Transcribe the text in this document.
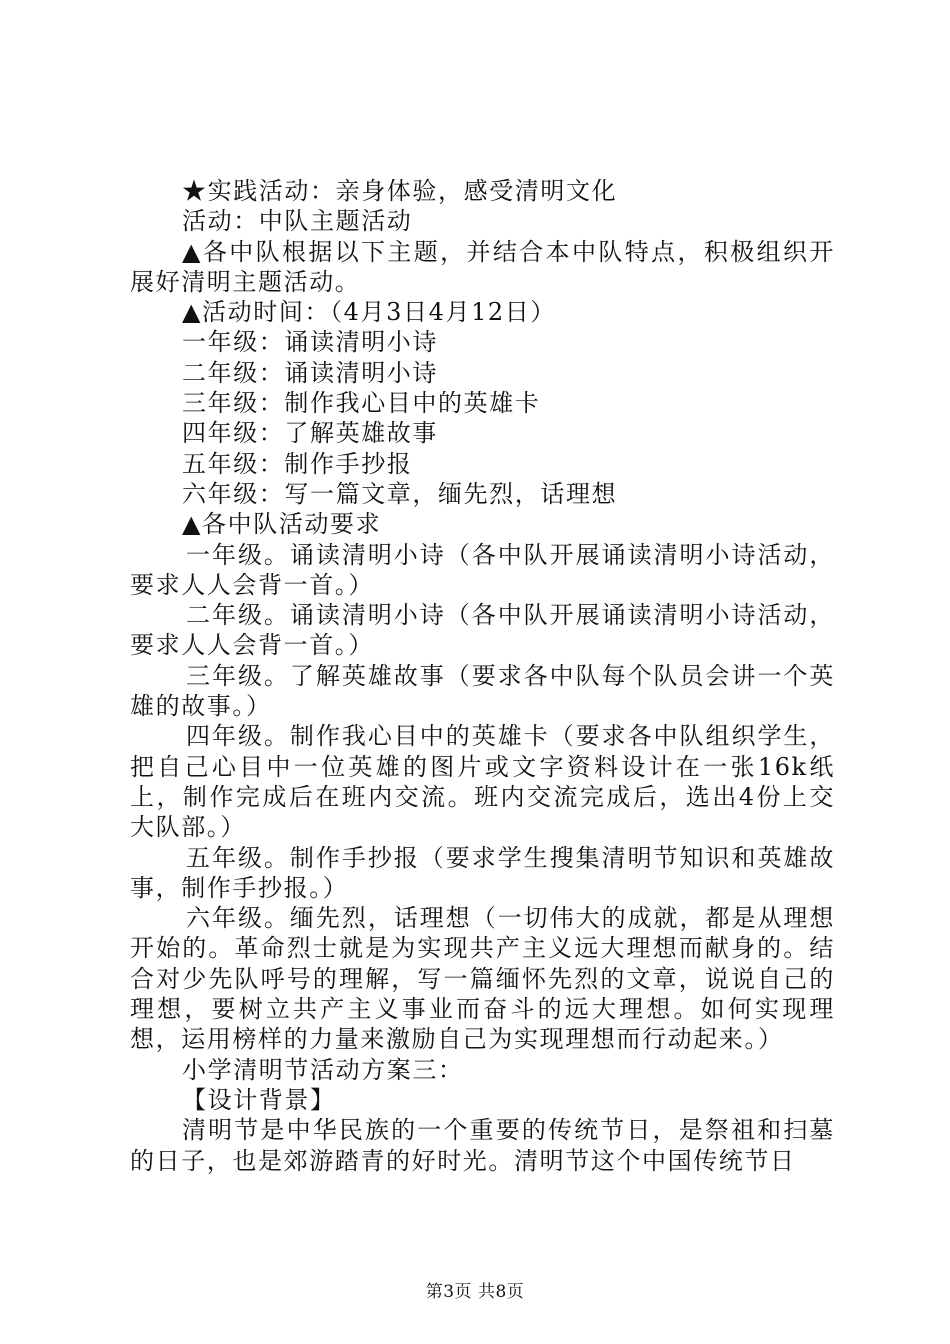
★实践活动：亲身体验，感受清明文化

活动：中队主题活动

▲各中队根据以下主题，并结合本中队特点，积极组织开展好清明主题活动。

▲活动时间：（4月3日4月12日）

一年级：诵读清明小诗

二年级：诵读清明小诗

三年级：制作我心目中的英雄卡

四年级：了解英雄故事

五年级：制作手抄报

六年级：写一篇文章，缅先烈，话理想

▲各中队活动要求

一年级。诵读清明小诗（各中队开展诵读清明小诗活动，要求人人会背一首。）

二年级。诵读清明小诗（各中队开展诵读清明小诗活动，要求人人会背一首。）

三年级。了解英雄故事（要求各中队每个队员会讲一个英雄的故事。）

四年级。制作我心目中的英雄卡（要求各中队组织学生，把自己心目中一位英雄的图片或文字资料设计在一张16k纸上，制作完成后在班内交流。班内交流完成后，选出4份上交大队部。）

五年级。制作手抄报（要求学生搜集清明节知识和英雄故事，制作手抄报。）

六年级。缅先烈，话理想（一切伟大的成就，都是从理想开始的。革命烈士就是为实现共产主义远大理想而献身的。结合对少先队呼号的理解，写一篇缅怀先烈的文章，说说自己的理想，要树立共产主义事业而奋斗的远大理想。如何实现理想，运用榜样的力量来激励自己为实现理想而行动起来。）

小学清明节活动方案三：

【设计背景】

清明节是中华民族的一个重要的传统节日，是祭祖和扫墓的日子，也是郊游踏青的好时光。清明节这个中国传统节日

第3页 共8页
